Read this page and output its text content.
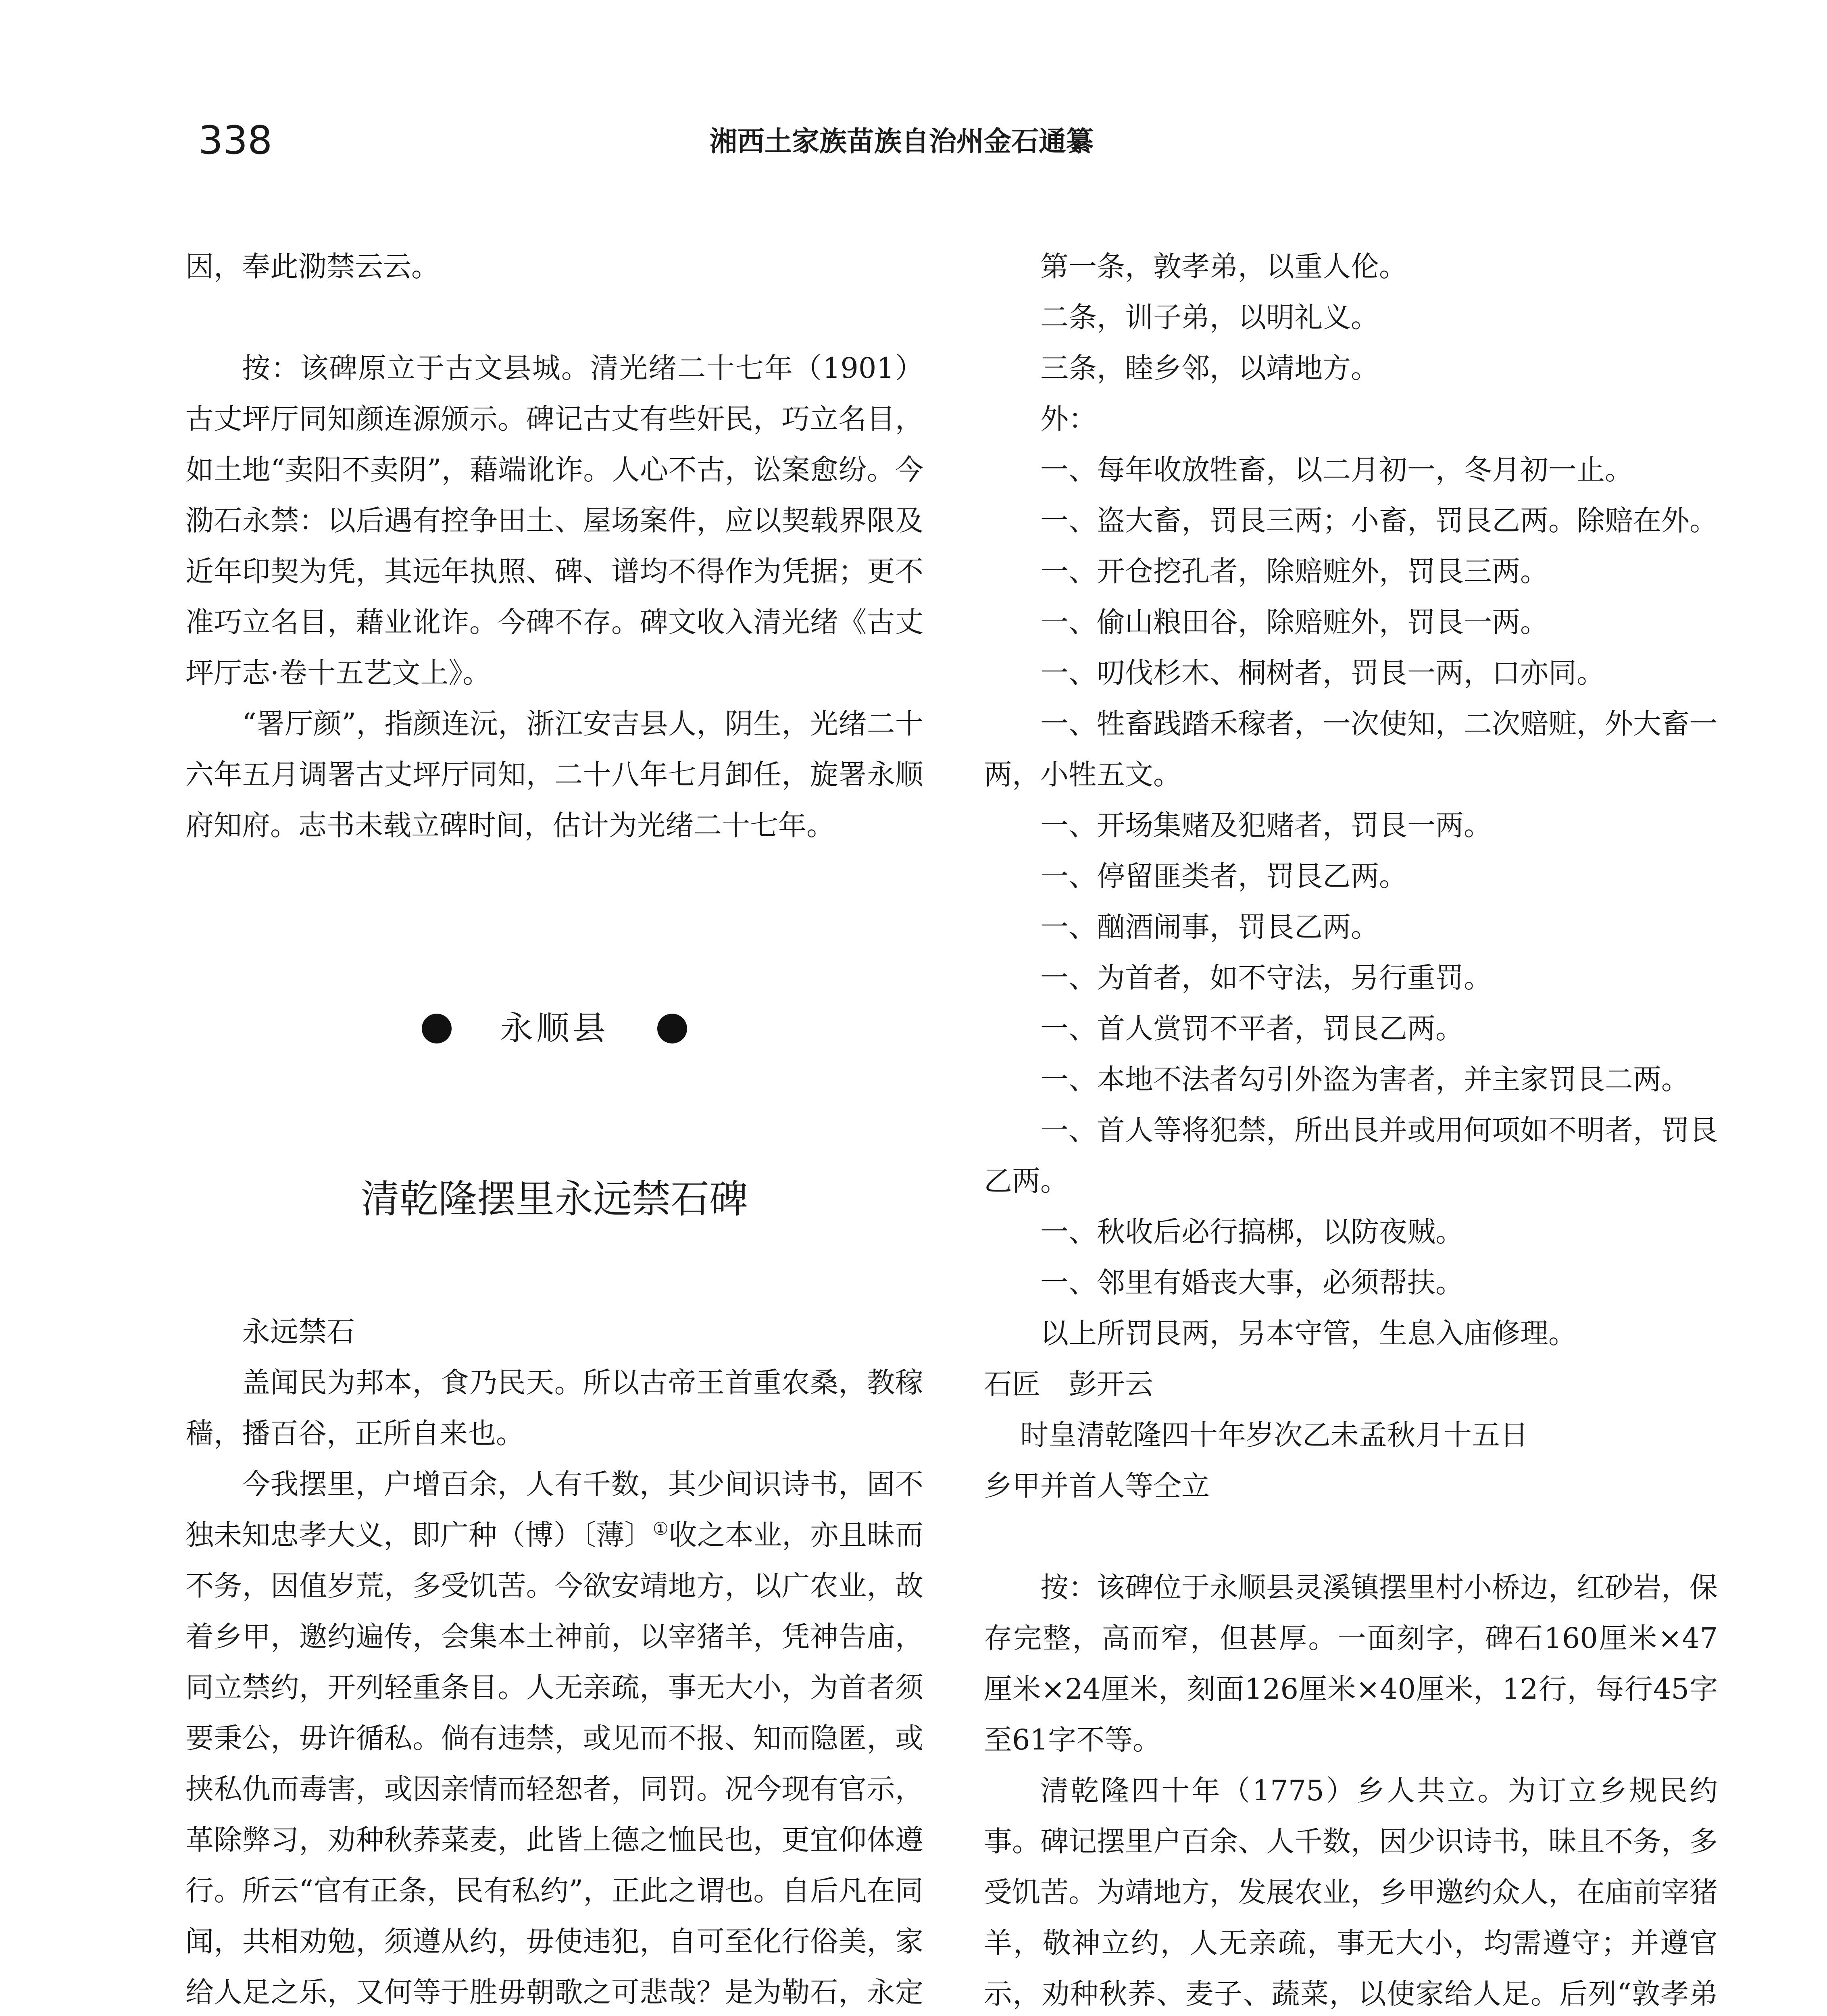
338	湘西土家族苗族自治州金石通纂

因，奉此泐禁云云。

按：该碑原立于古文县城。清光绪二十七年（1901）古丈坪厅同知颜连源颁示。碑记古丈有些奸民，巧立名目，如土地“卖阳不卖阴”，藉端讹诈。人心不古，讼案愈纷。今泐石永禁：以后遇有控争田土、屋场案件，应以契载界限及近年印契为凭，其远年执照、碑、谱均不得作为凭据；更不准巧立名目，藉业讹诈。今碑不存。碑文收入清光绪《古丈坪厅志·卷十五艺文上》。

“署厅颜”，指颜连沅，浙江安吉县人，阴生，光绪二十六年五月调署古丈坪厅同知，二十八年七月卸任，旋署永顺府知府。志书未载立碑时间，估计为光绪二十七年。

永顺县
清乾隆摆里永远禁石碑

永远禁石

盖闻民为邦本，食乃民天。所以古帝王首重农桑，教稼穑，播百谷，正所自来也。

今我摆里，户增百余，人有千数，其少间识诗书，固不独未知忠孝大义，即广种（博）〔薄〕①收之本业，亦且昧而不务，因值岁荒，多受饥苦。今欲安靖地方，以广农业，故着乡甲，邀约遍传，会集本土神前，以宰猪羊，凭神告庙，同立禁约，开列轻重条目。人无亲疏，事无大小，为首者须要秉公，毋许循私。倘有违禁，或见而不报、知而隐匿，或挟私仇而毒害，或因亲情而轻恕者，同罚。况今现有官示，革除弊习，劝种秋荞菜麦，此皆上德之恤民也，更宜仰体遵行。所云“官有正条，民有私约”，正此之谓也。自后凡在同闻，共相劝勉，须遵从约，毋使违犯，自可至化行俗美，家给人足之乐，又何等于胜毋朝歌之可悲哉？是为勒石，永定

第一条，敦孝弟，以重人伦。

二条，训子弟，以明礼义。

三条，睦乡邻，以靖地方。

外：

一、每年收放牲畜，以二月初一，冬月初一止。

一、盗大畜，罚艮三两；小畜，罚艮乙两。除赔在外。

一、开仓挖孔者，除赔赃外，罚艮三两。

一、偷山粮田谷，除赔赃外，罚艮一两。

一、叨伐杉木、桐树者，罚艮一两，口亦同。

一、牲畜践踏禾稼者，一次使知，二次赔赃，外大畜一两，小牲五文。

一、开场集赌及犯赌者，罚艮一两。

一、停留匪类者，罚艮乙两。

一、酗酒闹事，罚艮乙两。

一、为首者，如不守法，另行重罚。

一、首人赏罚不平者，罚艮乙两。

一、本地不法者勾引外盗为害者，并主家罚艮二两。

一、首人等将犯禁，所出艮并或用何项如不明者，罚艮乙两。

一、秋收后必行搞梆，以防夜贼。

一、邻里有婚丧大事，必须帮扶。

以上所罚艮两，另本守管，生息入庙修理。

石匠　彭开云

时皇清乾隆四十年岁次乙未孟秋月十五日

乡甲并首人等仝立

按：该碑位于永顺县灵溪镇摆里村小桥边，红砂岩，保存完整，高而窄，但甚厚。一面刻字，碑石160厘米×47厘米×24厘米，刻面126厘米×40厘米，12行，每行45字至61字不等。

清乾隆四十年（1775）乡人共立。为订立乡规民约事。碑记摆里户百余、人千数，因少识诗书，昧且不务，多受饥苦。为靖地方，发展农业，乡甲邀约众人，在庙前宰猪羊，敬神立约，人无亲疏，事无大小，均需遵守；并遵官示，劝种秋荞、麦子、蔬菜，以使家给人足。后列“敦孝弟
